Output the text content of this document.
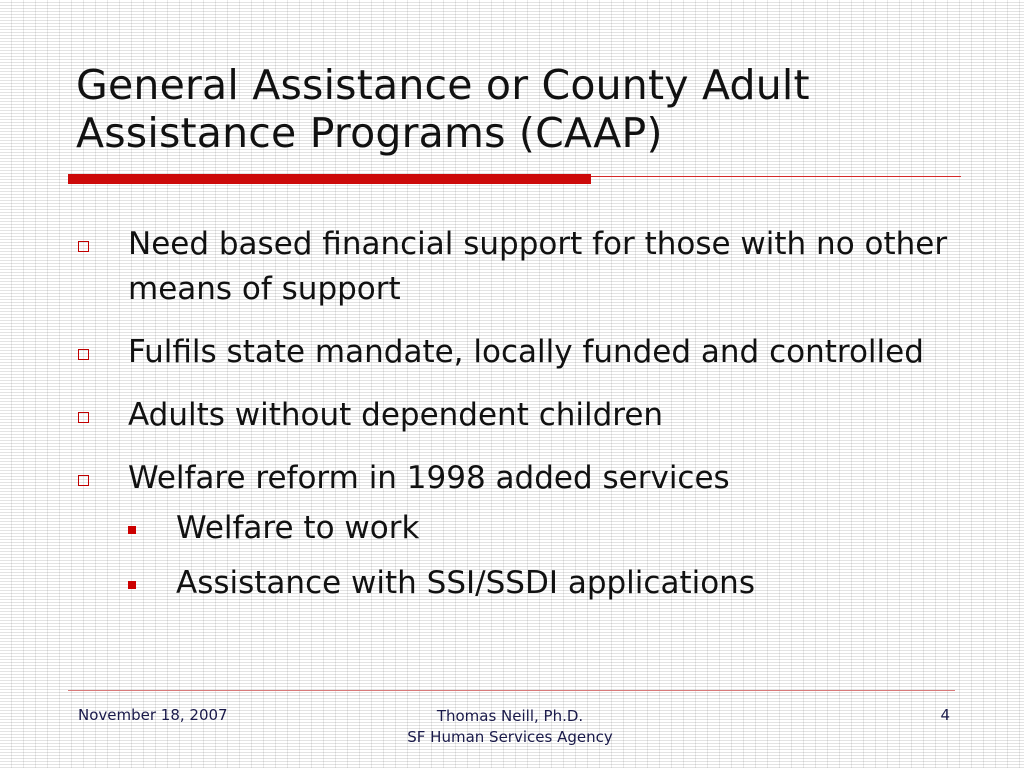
General Assistance or County Adult Assistance Programs (CAAP)
Need based financial support for those with no other means of support
Fulfils state mandate, locally funded and controlled
Adults without dependent children
Welfare reform in 1998 added services
Welfare to work
Assistance with SSI/SSDI applications
November 18, 2007	Thomas Neill, Ph.D.
SF Human Services Agency
4
